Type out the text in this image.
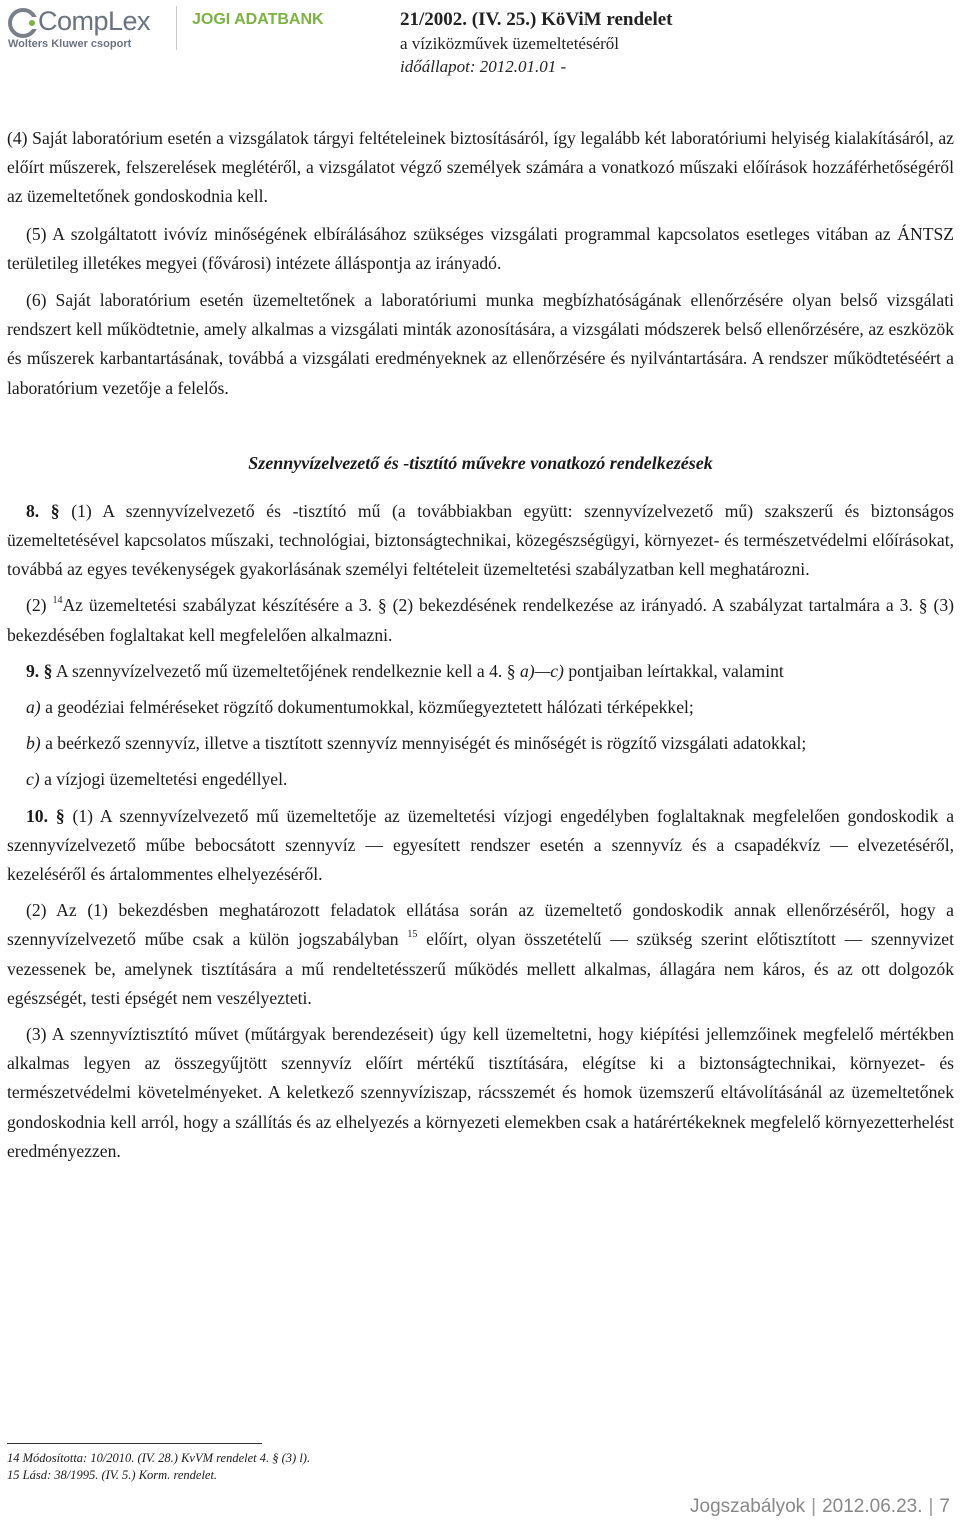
CompLex
Wolters Kluwer csoport
JOGI ADATBANK	21/2002. (IV. 25.) KöViM rendelet
a víziközművek üzemeltetéséről
időállapot: 2012.01.01 -

(4) Saját laboratórium esetén a vizsgálatok tárgyi feltételeinek biztosításáról, így legalább két laboratóriumi helyiség kialakításáról, az előírt műszerek, felszerelések meglétéről, a vizsgálatot végző személyek számára a vonatkozó műszaki előírások hozzáférhetőségéről az üzemeltetőnek gondoskodnia kell.

(5) A szolgáltatott ivóvíz minőségének elbírálásához szükséges vizsgálati programmal kapcsolatos esetleges vitában az ÁNTSZ területileg illetékes megyei (fővárosi) intézete álláspontja az irányadó.

(6) Saját laboratórium esetén üzemeltetőnek a laboratóriumi munka megbízhatóságának ellenőrzésére olyan belső vizsgálati rendszert kell működtetnie, amely alkalmas a vizsgálati minták azonosítására, a vizsgálati módszerek belső ellenőrzésére, az eszközök és műszerek karbantartásának, továbbá a vizsgálati eredményeknek az ellenőrzésére és nyilvántartására. A rendszer működtetéséért a laboratórium vezetője a felelős.

Szennyvízelvezető és -tisztító művekre vonatkozó rendelkezések

8. § (1) A szennyvízelvezető és -tisztító mű (a továbbiakban együtt: szennyvízelvezető mű) szakszerű és biztonságos üzemeltetésével kapcsolatos műszaki, technológiai, biztonságtechnikai, közegészségügyi, környezet- és természetvédelmi előírásokat, továbbá az egyes tevékenységek gyakorlásának személyi feltételeit üzemeltetési szabályzatban kell meghatározni.

(2) $^{14}$Az üzemeltetési szabályzat készítésére a 3. § (2) bekezdésének rendelkezése az irányadó. A szabályzat tartalmára a 3. § (3) bekezdésében foglaltakat kell megfelelően alkalmazni.

9. § A szennyvízelvezető mű üzemeltetőjének rendelkeznie kell a 4. § a)—c) pontjaiban leírtakkal, valamint

a) a geodéziai felméréseket rögzítő dokumentumokkal, közműegyeztetett hálózati térképekkel;

b) a beérkező szennyvíz, illetve a tisztított szennyvíz mennyiségét és minőségét is rögzítő vizsgálati adatokkal;

c) a vízjogi üzemeltetési engedéllyel.

10. § (1) A szennyvízelvezető mű üzemeltetője az üzemeltetési vízjogi engedélyben foglaltaknak megfelelően gondoskodik a szennyvízelvezető műbe bebocsátott szennyvíz — egyesített rendszer esetén a szennyvíz és a csapadékvíz — elvezetéséről, kezeléséről és ártalommentes elhelyezéséről.

(2) Az (1) bekezdésben meghatározott feladatok ellátása során az üzemeltető gondoskodik annak ellenőrzéséről, hogy a szennyvízelvezető műbe csak a külön jogszabályban $^{15}$ előírt, olyan összetételű — szükség szerint előtisztított — szennyvizet vezessenek be, amelynek tisztítására a mű rendeltetésszerű működés mellett alkalmas, állagára nem káros, és az ott dolgozók egészségét, testi épségét nem veszélyezteti.

(3) A szennyvíztisztító művet (műtárgyak berendezéseit) úgy kell üzemeltetni, hogy kiépítési jellemzőinek megfelelő mértékben alkalmas legyen az összegyűjtött szennyvíz előírt mértékű tisztítására, elégítse ki a biztonságtechnikai, környezet- és természetvédelmi követelményeket. A keletkező szennyvíziszap, rácsszemét és homok üzemszerű eltávolításánál az üzemeltetőnek gondoskodnia kell arról, hogy a szállítás és az elhelyezés a környezeti elemekben csak a határértékeknek megfelelő környezetterhelést eredményezzen.

14 Módosította: 10/2010. (IV. 28.) KvVM rendelet 4. § (3) l).

15 Lásd: 38/1995. (IV. 5.) Korm. rendelet.

Jogszabályok | 2012.06.23. | 7
